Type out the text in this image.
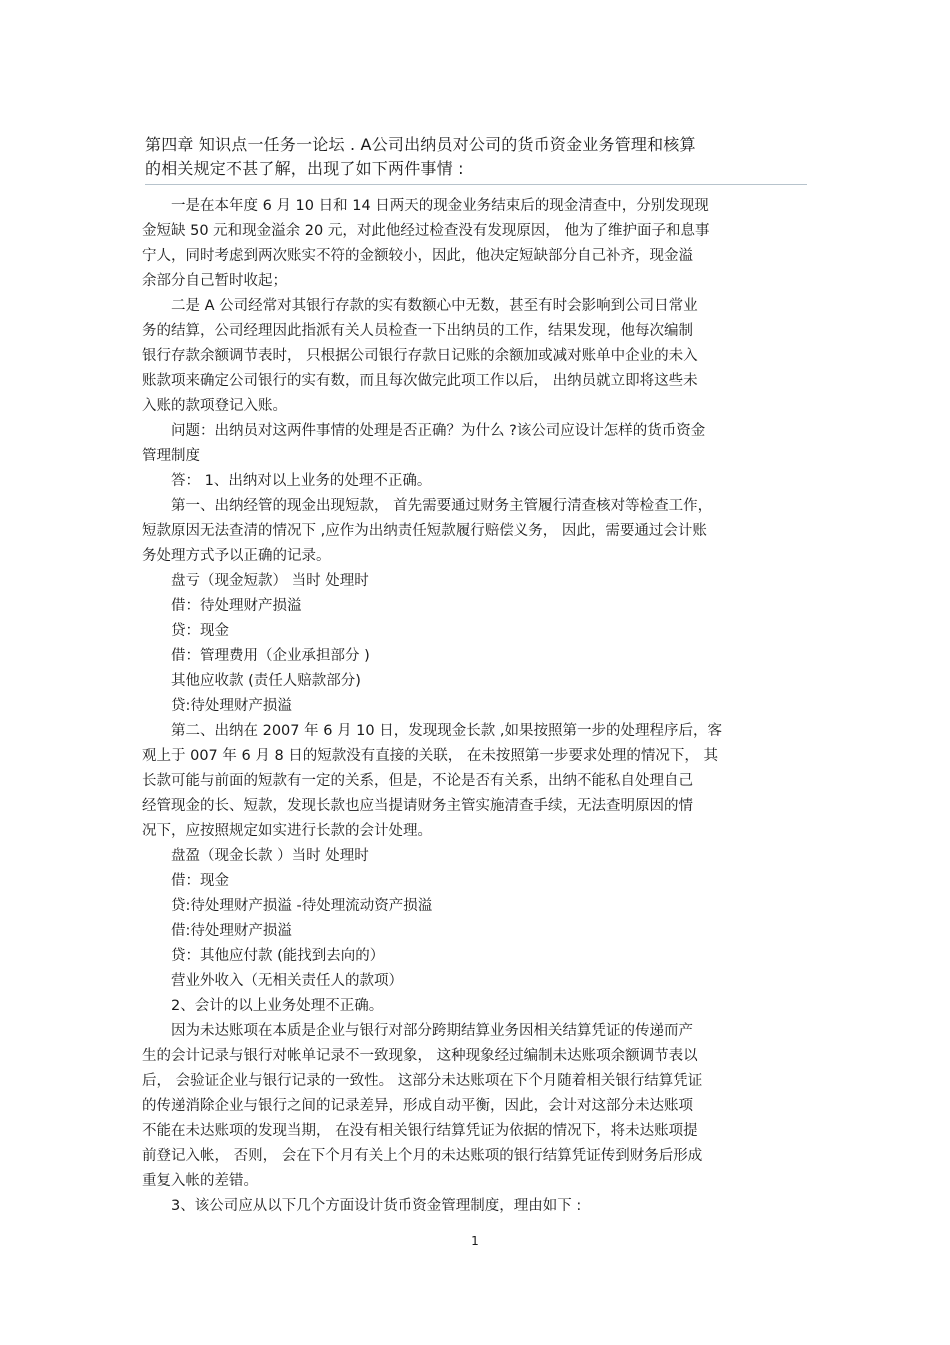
第四章 知识点一任务一论坛 . A公司出纳员对公司的货币资金业务管理和核算
的相关规定不甚了解，出现了如下两件事情 :
一是在本年度 6 月 10 日和 14 日两天的现金业务结束后的现金清查中，分别发现现
金短缺 50 元和现金溢余 20 元，对此他经过检查没有发现原因， 他为了维护面子和息事
宁人，同时考虑到两次账实不符的金额较小，因此，他决定短缺部分自己补齐，现金溢
余部分自己暂时收起；
二是 A 公司经常对其银行存款的实有数额心中无数，甚至有时会影响到公司日常业
务的结算，公司经理因此指派有关人员检查一下出纳员的工作，结果发现，他每次编制
银行存款余额调节表时， 只根据公司银行存款日记账的余额加或减对账单中企业的未入
账款项来确定公司银行的实有数，而且每次做完此项工作以后， 出纳员就立即将这些未
入账的款项登记入账。
问题：出纳员对这两件事情的处理是否正确？为什么 ?该公司应设计怎样的货币资金
管理制度
答： 1、出纳对以上业务的处理不正确。
第一、出纳经管的现金出现短款， 首先需要通过财务主管履行清查核对等检查工作，
短款原因无法查清的情况下 ,应作为出纳责任短款履行赔偿义务， 因此，需要通过会计账
务处理方式予以正确的记录。
盘亏（现金短款） 当时 处理时
借：待处理财产损溢
贷：现金
借：管理费用（企业承担部分 )
其他应收款 (责任人赔款部分)
贷:待处理财产损溢
第二、出纳在 2007 年 6 月 10 日，发现现金长款 ,如果按照第一步的处理程序后，客
观上于 007 年 6 月 8 日的短款没有直接的关联， 在未按照第一步要求处理的情况下， 其
长款可能与前面的短款有一定的关系，但是，不论是否有关系，出纳不能私自处理自己
经管现金的长、短款，发现长款也应当提请财务主管实施清查手续，无法查明原因的情
况下，应按照规定如实进行长款的会计处理。
盘盈（现金长款 ）当时 处理时
借：现金
贷:待处理财产损溢 -待处理流动资产损溢
借:待处理财产损溢
贷：其他应付款 (能找到去向的）
营业外收入（无相关责任人的款项）
2、会计的以上业务处理不正确。
因为未达账项在本质是企业与银行对部分跨期结算业务因相关结算凭证的传递而产
生的会计记录与银行对帐单记录不一致现象， 这种现象经过编制未达账项余额调节表以
后， 会验证企业与银行记录的一致性。 这部分未达账项在下个月随着相关银行结算凭证
的传递消除企业与银行之间的记录差异，形成自动平衡，因此，会计对这部分未达账项
不能在未达账项的发现当期， 在没有相关银行结算凭证为依据的情况下，将未达账项提
前登记入帐， 否则， 会在下个月有关上个月的未达账项的银行结算凭证传到财务后形成
重复入帐的差错。
3、该公司应从以下几个方面设计货币资金管理制度，理由如下 :
1
